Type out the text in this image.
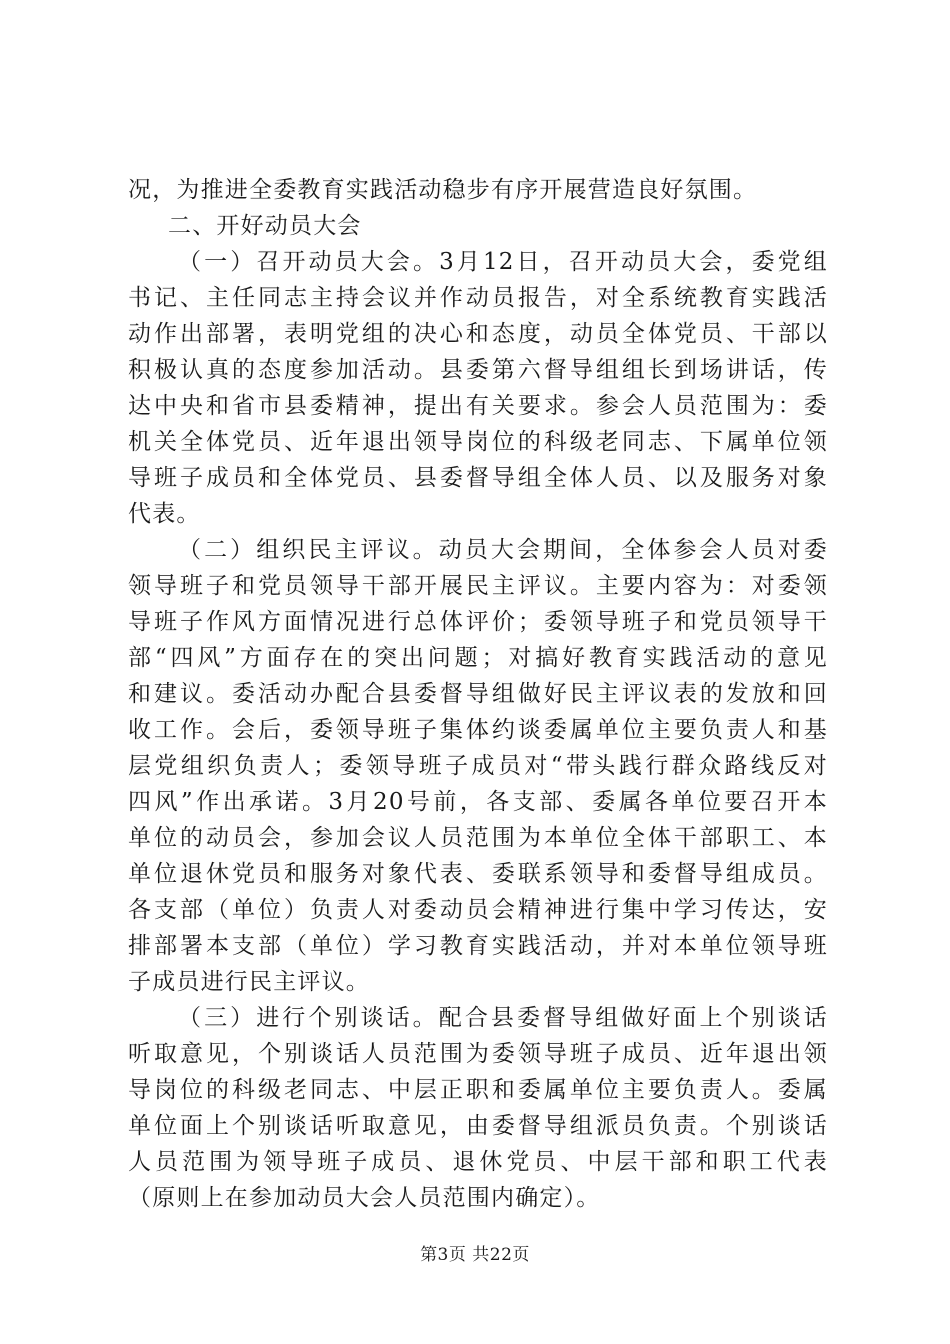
况，为推进全委教育实践活动稳步有序开展营造良好氛围。
二、开好动员大会
（一）召开动员大会。3月12日，召开动员大会，委党组
书记、主任同志主持会议并作动员报告，对全系统教育实践活
动作出部署，表明党组的决心和态度，动员全体党员、干部以
积极认真的态度参加活动。县委第六督导组组长到场讲话，传
达中央和省市县委精神，提出有关要求。参会人员范围为：委
机关全体党员、近年退出领导岗位的科级老同志、下属单位领
导班子成员和全体党员、县委督导组全体人员、以及服务对象
代表。
（二）组织民主评议。动员大会期间，全体参会人员对委
领导班子和党员领导干部开展民主评议。主要内容为：对委领
导班子作风方面情况进行总体评价；委领导班子和党员领导干
部“四风”方面存在的突出问题；对搞好教育实践活动的意见
和建议。委活动办配合县委督导组做好民主评议表的发放和回
收工作。会后，委领导班子集体约谈委属单位主要负责人和基
层党组织负责人；委领导班子成员对“带头践行群众路线反对
四风”作出承诺。3月20号前，各支部、委属各单位要召开本
单位的动员会，参加会议人员范围为本单位全体干部职工、本
单位退休党员和服务对象代表、委联系领导和委督导组成员。
各支部（单位）负责人对委动员会精神进行集中学习传达，安
排部署本支部（单位）学习教育实践活动，并对本单位领导班
子成员进行民主评议。
（三）进行个别谈话。配合县委督导组做好面上个别谈话
听取意见，个别谈话人员范围为委领导班子成员、近年退出领
导岗位的科级老同志、中层正职和委属单位主要负责人。委属
单位面上个别谈话听取意见，由委督导组派员负责。个别谈话
人员范围为领导班子成员、退休党员、中层干部和职工代表
（原则上在参加动员大会人员范围内确定）。
第3页 共22页
